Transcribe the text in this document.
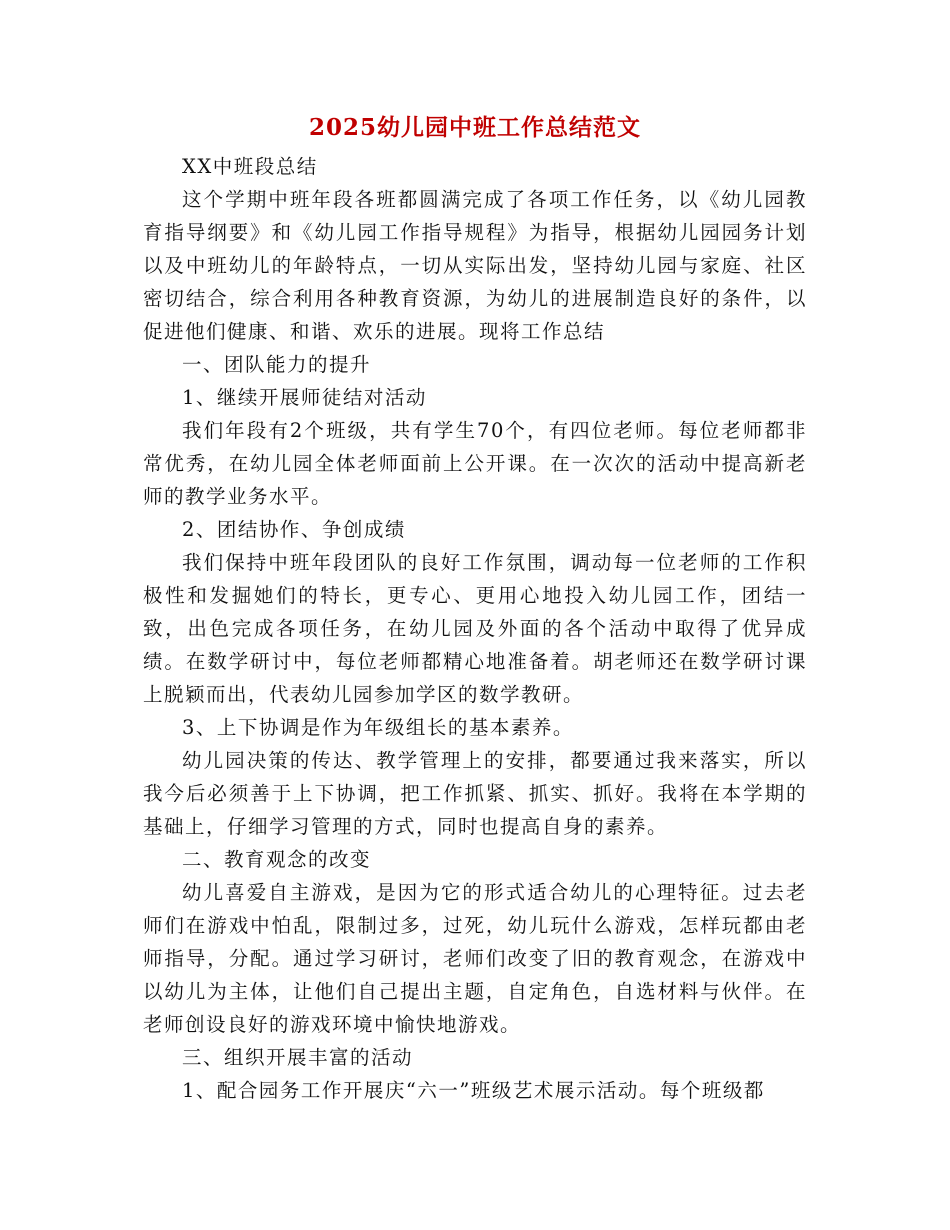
2025幼儿园中班工作总结范文

XX中班段总结

这个学期中班年段各班都圆满完成了各项工作任务，以《幼儿园教育指导纲要》和《幼儿园工作指导规程》为指导，根据幼儿园园务计划以及中班幼儿的年龄特点，一切从实际出发，坚持幼儿园与家庭、社区密切结合，综合利用各种教育资源，为幼儿的进展制造良好的条件，以促进他们健康、和谐、欢乐的进展。现将工作总结

一、团队能力的提升

1、继续开展师徒结对活动

我们年段有2个班级，共有学生70个，有四位老师。每位老师都非常优秀，在幼儿园全体老师面前上公开课。在一次次的活动中提高新老师的教学业务水平。

2、团结协作、争创成绩

我们保持中班年段团队的良好工作氛围，调动每一位老师的工作积极性和发掘她们的特长，更专心、更用心地投入幼儿园工作，团结一致，出色完成各项任务，在幼儿园及外面的各个活动中取得了优异成绩。在数学研讨中，每位老师都精心地准备着。胡老师还在数学研讨课上脱颖而出，代表幼儿园参加学区的数学教研。

3、上下协调是作为年级组长的基本素养。

幼儿园决策的传达、教学管理上的安排，都要通过我来落实，所以我今后必须善于上下协调，把工作抓紧、抓实、抓好。我将在本学期的基础上，仔细学习管理的方式，同时也提高自身的素养。

二、教育观念的改变

幼儿喜爱自主游戏，是因为它的形式适合幼儿的心理特征。过去老师们在游戏中怕乱，限制过多，过死，幼儿玩什么游戏，怎样玩都由老师指导，分配。通过学习研讨，老师们改变了旧的教育观念，在游戏中以幼儿为主体，让他们自己提出主题，自定角色，自选材料与伙伴。在老师创设良好的游戏环境中愉快地游戏。

三、组织开展丰富的活动

1、配合园务工作开展庆“六一”班级艺术展示活动。每个班级都
